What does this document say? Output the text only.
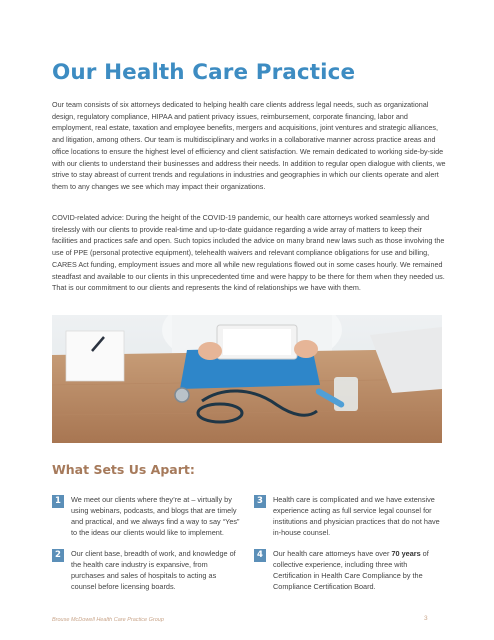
Our Health Care Practice

Our team consists of six attorneys dedicated to helping health care clients address legal needs, such as organizational design, regulatory compliance, HIPAA and patient privacy issues, reimbursement, corporate financing, labor and employment, real estate, taxation and employee benefits, mergers and acquisitions, joint ventures and strategic alliances, and litigation, among others. Our team is multidisciplinary and works in a collaborative manner across practice areas and office locations to ensure the highest level of efficiency and client satisfaction. We remain dedicated to working side-by-side with our clients to understand their businesses and address their needs. In addition to regular open dialogue with clients, we strive to stay abreast of current trends and regulations in industries and geographies in which our clients operate and alert them to any changes we see which may impact their organizations.

COVID-related advice: During the height of the COVID-19 pandemic, our health care attorneys worked seamlessly and tirelessly with our clients to provide real-time and up-to-date guidance regarding a wide array of matters to keep their facilities and practices safe and open. Such topics included the advice on many brand new laws such as those involving the use of PPE (personal protective equipment), telehealth waivers and relevant compliance obligations for use and billing, CARES Act funding, employment issues and more all while new regulations flowed out in some cases hourly. We remained steadfast and available to our clients in this unprecedented time and were happy to be there for them when they needed us. That is our commitment to our clients and represents the kind of relationships we have with them.

What Sets Us Apart:
1	We meet our clients where they’re at – virtually by using webinars, podcasts, and blogs that are timely and practical, and we always find a way to say “Yes” to the ideas our clients would like to implement.

2	Our client base, breadth of work, and knowledge of the health care industry is expansive, from purchases and sales of hospitals to acting as counsel before licensing boards.

3	Health care is complicated and we have extensive experience acting as full service legal counsel for institutions and physician practices that do not have in-house counsel.

4	Our health care attorneys have over 70 years of collective experience, including three with Certification in Health Care Compliance by the Compliance Certification Board.

Brouse McDowell Health Care Practice Group	3
